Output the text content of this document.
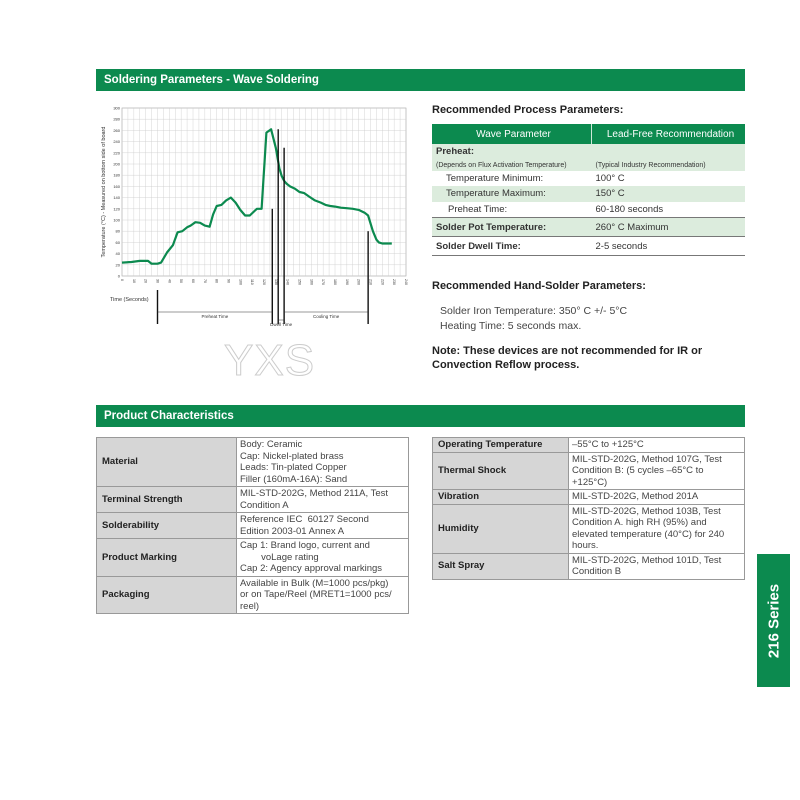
Soldering Parameters - Wave Soldering
0
20
40
60
80
100
120
140
160
180
200
220
240
260
280
300
0 10 20 30 40 50 60 70 80 90 100 110 120 130 140 150 160 170 180 190 200 210 220 230 240
Temperature (°C) - Measured on bottom side of board
Time (Seconds)
Preheat Time
Dwell Time
Cooling Time
Recommended Process Parameters:
Wave Parameter	Lead-Free Recommendation
Preheat:	
(Depends on Flux Activation Temperature)	(Typical Industry Recommendation)
Temperature Minimum:	100° C
Temperature Maximum:	150° C
Preheat Time:	60-180 seconds
Solder Pot Temperature:	260° C Maximum
Solder Dwell Time:	2-5 seconds
Recommended Hand-Solder Parameters:
Solder Iron Temperature: 350° C +/- 5°C
Heating Time: 5 seconds max.
Note: These devices are not recommended for IR or Convection Reflow process.
YXS
Product Characteristics
Material	Body: Ceramic
Cap: Nickel-plated brass
Leads: Tin-plated Copper
Filler (160mA-16A): Sand

Terminal Strength	MIL-STD-202G, Method 211A, Test
Condition A

Solderability	Reference IEC  60127 Second
Edition 2003-01 Annex A

Product Marking	Cap 1: Brand logo, current and
voLage rating
Cap 2: Agency approval markings

Packaging	Available in Bulk (M=1000 pcs/pkg)
or on Tape/Reel (MRET1=1000 pcs/
reel)
Operating Temperature	–55°C to +125°C

Thermal Shock	MIL-STD-202G, Method 107G, Test
Condition B: (5 cycles –65°C to
+125°C)

Vibration	MIL-STD-202G, Method 201A

Humidity	MIL-STD-202G, Method 103B, Test
Condition A. high RH (95%) and
elevated temperature (40°C) for 240
hours.

Salt Spray	MIL-STD-202G, Method 101D, Test
Condition B
216 Series
